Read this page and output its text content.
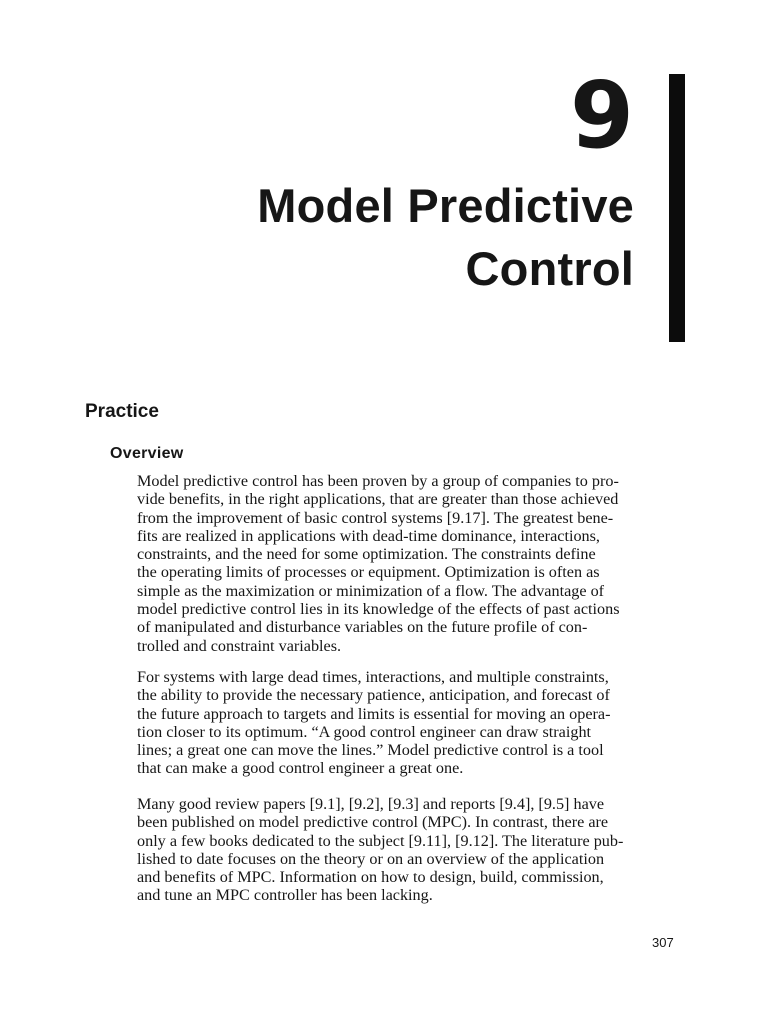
9
Model Predictive
Control
Practice
Overview
Model predictive control has been proven by a group of companies to pro-
vide benefits, in the right applications, that are greater than those achieved
from the improvement of basic control systems [9.17]. The greatest bene-
fits are realized in applications with dead-time dominance, interactions,
constraints, and the need for some optimization. The constraints define
the operating limits of processes or equipment. Optimization is often as
simple as the maximization or minimization of a flow. The advantage of
model predictive control lies in its knowledge of the effects of past actions
of manipulated and disturbance variables on the future profile of con-
trolled and constraint variables.
For systems with large dead times, interactions, and multiple constraints,
the ability to provide the necessary patience, anticipation, and forecast of
the future approach to targets and limits is essential for moving an opera-
tion closer to its optimum. “A good control engineer can draw straight
lines; a great one can move the lines.” Model predictive control is a tool
that can make a good control engineer a great one.
Many good review papers [9.1], [9.2], [9.3] and reports [9.4], [9.5] have
been published on model predictive control (MPC). In contrast, there are
only a few books dedicated to the subject [9.11], [9.12]. The literature pub-
lished to date focuses on the theory or on an overview of the application
and benefits of MPC. Information on how to design, build, commission,
and tune an MPC controller has been lacking.
307
